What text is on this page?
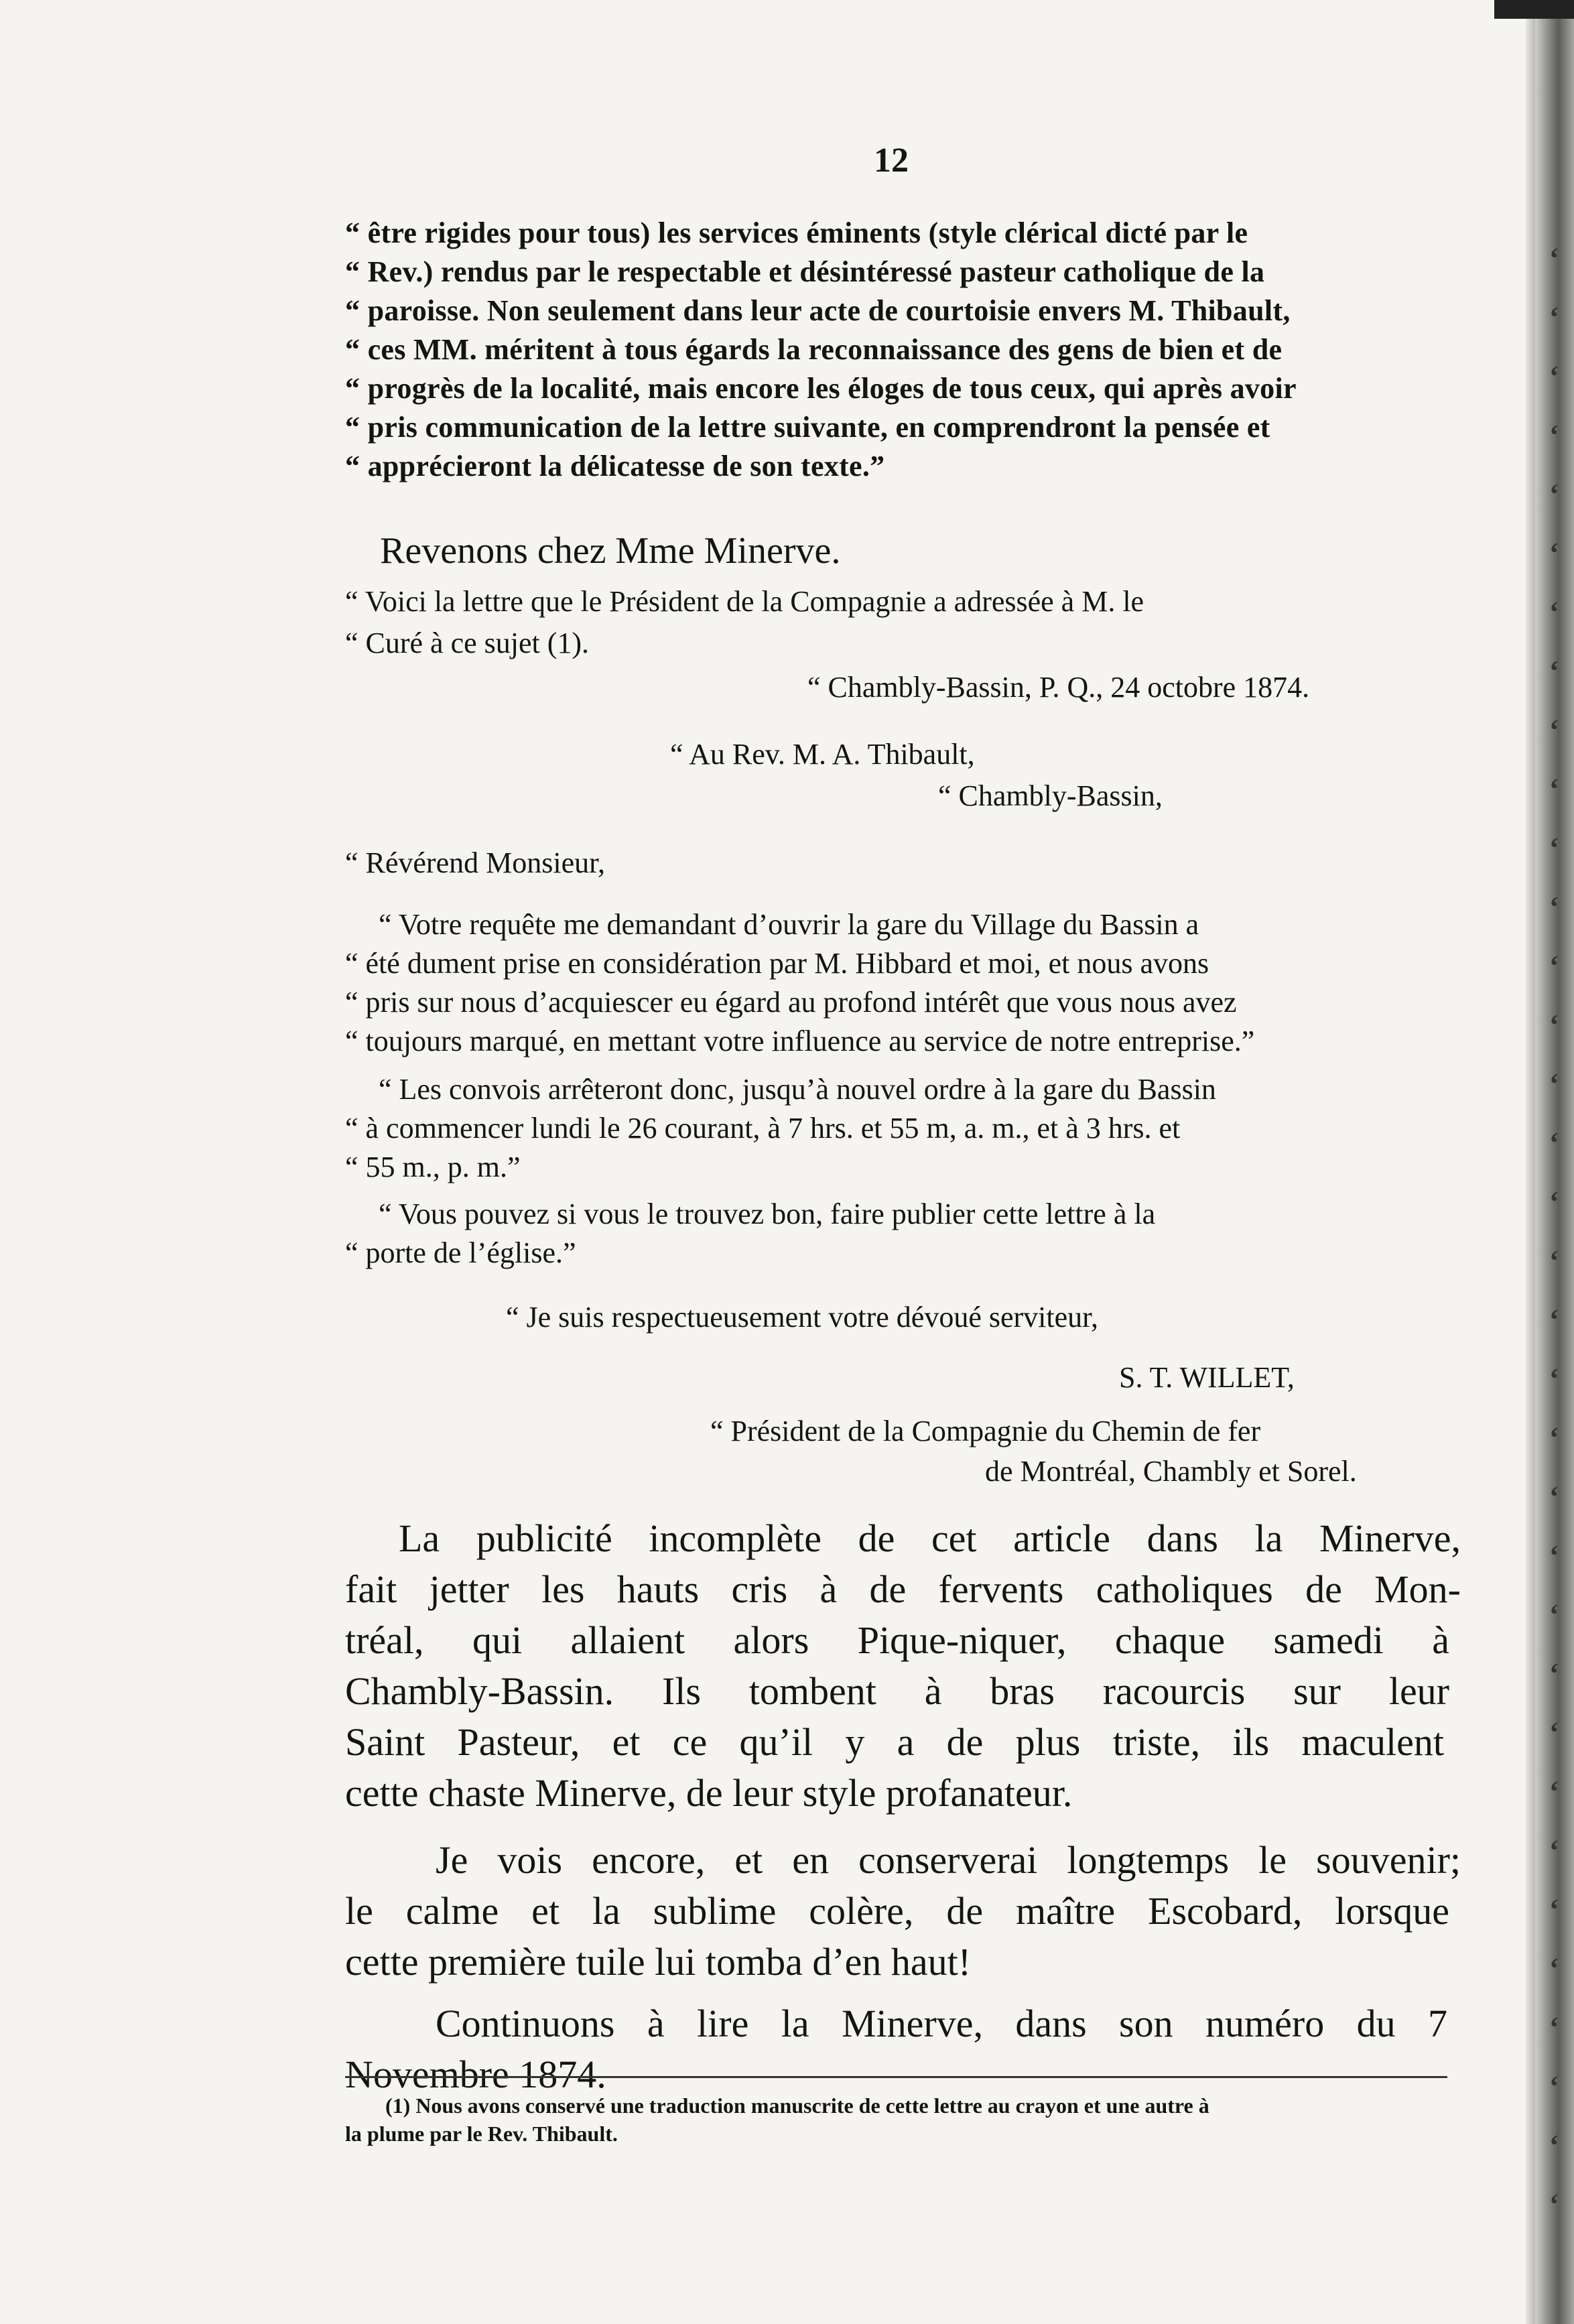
12
“ être rigides pour tous) les services éminents (style clérical dicté par le
“ Rev.) rendus par le respectable et désintéressé pasteur catholique de la
“ paroisse. Non seulement dans leur acte de courtoisie envers M. Thibault,
“ ces MM. méritent à tous égards la reconnaissance des gens de bien et de
“ progrès de la localité, mais encore les éloges de tous ceux, qui après avoir
“ pris communication de la lettre suivante, en comprendront la pensée et
“ apprécieront la délicatesse de son texte.”
Revenons chez Mme Minerve.
“ Voici la lettre que le Président de la Compagnie a adressée à M. le
“ Curé à ce sujet (1).
“ Chambly-Bassin, P. Q., 24 octobre 1874.
“ Au Rev. M. A. Thibault,
“ Chambly-Bassin,
“ Révérend Monsieur,
“ Votre requête me demandant d’ouvrir la gare du Village du Bassin a
“ été dument prise en considération par M. Hibbard et moi, et nous avons
“ pris sur nous d’acquiescer eu égard au profond intérêt que vous nous avez
“ toujours marqué, en mettant votre influence au service de notre entreprise.”
“ Les convois arrêteront donc, jusqu’à nouvel ordre à la gare du Bassin
“ à commencer lundi le 26 courant, à 7 hrs. et 55 m, a. m., et à 3 hrs. et
“ 55 m., p. m.”
“ Vous pouvez si vous le trouvez bon, faire publier cette lettre à la
“ porte de l’église.”
“ Je suis respectueusement votre dévoué serviteur,
S. T. WILLET,
“ Président de la Compagnie du Chemin de fer
de Montréal, Chambly et Sorel.
La publicité incomplète de cet article dans la Minerve,
fait jetter les hauts cris à de fervents catholiques de Mon-
tréal, qui allaient alors Pique-niquer, chaque samedi à
Chambly-Bassin. Ils tombent à bras racourcis sur leur
Saint Pasteur, et ce qu’il y a de plus triste, ils maculent
cette chaste Minerve, de leur style profanateur.
Je vois encore, et en conserverai longtemps le souvenir;
le calme et la sublime colère, de maître Escobard, lorsque
cette première tuile lui tomba d’en haut!
Continuons à lire la Minerve, dans son numéro du 7
Novembre 1874.
(1) Nous avons conservé une traduction manuscrite de cette lettre au crayon et une autre à
la plume par le Rev. Thibault.
‘
‘
‘
‘
‘
‘
‘
‘
‘
‘
‘
‘
‘
‘
‘
‘
‘
‘
‘
‘
‘
‘
‘
‘
‘
‘
‘
‘
‘
‘
‘
‘
‘
‘
